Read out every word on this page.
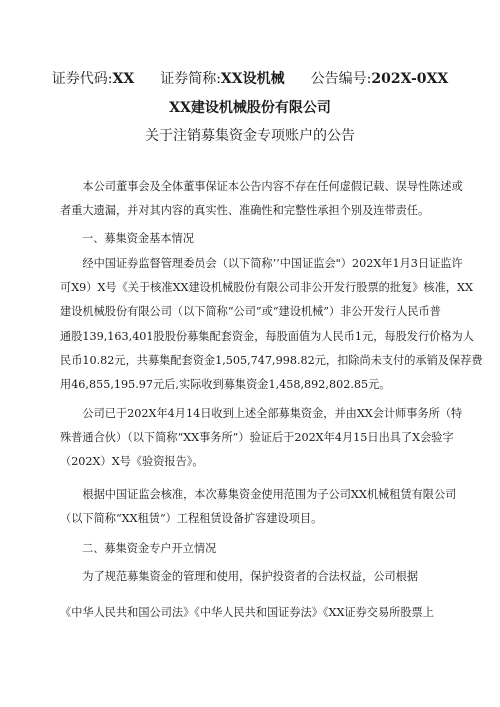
证券代码:XX 证券简称:XX设机械 公告编号:202X-0XX
XX建设机械股份有限公司
关于注销募集资金专项账户的公告
本公司董事会及全体董事保证本公告内容不存在任何虚假记载、误导性陈述或
者重大遗漏，并对其内容的真实性、准确性和完整性承担个别及连带责任。
一、募集资金基本情况
经中国证券监督管理委员会（以下简称’’中国证监会"）202X年1月3日证监许
可X9）X号《关于核准XX建设机械股份有限公司非公开发行股票的批复》核准，XX
建设机械股份有限公司（以下简称“公司”或“建设机械”）非公开发行人民币普
通股139,163,401股股份募集配套资金，每股面值为人民币1元，每股发行价格为人
民币10.82元，共募集配套资金1,505,747,998.82元，扣除尚未支付的承销及保荐费
用46,855,195.97元后,实际收到募集资金1,458,892,802.85元。
公司已于202X年4月14日收到上述全部募集资金，并由XX会计师事务所（特
殊普通合伙）（以下简称“XX事务所”）验证后于202X年4月15日出具了X会验字
（202X）X号《验资报告》。
根据中国证监会核准，本次募集资金使用范围为子公司XX机械租赁有限公司
（以下简称“XX租赁”）工程租赁设备扩容建设项目。
二、募集资金专户开立情况
为了规范募集资金的管理和使用，保护投资者的合法权益，公司根据
《中华人民共和国公司法》《中华人民共和国证券法》《XX证券交易所股票上
